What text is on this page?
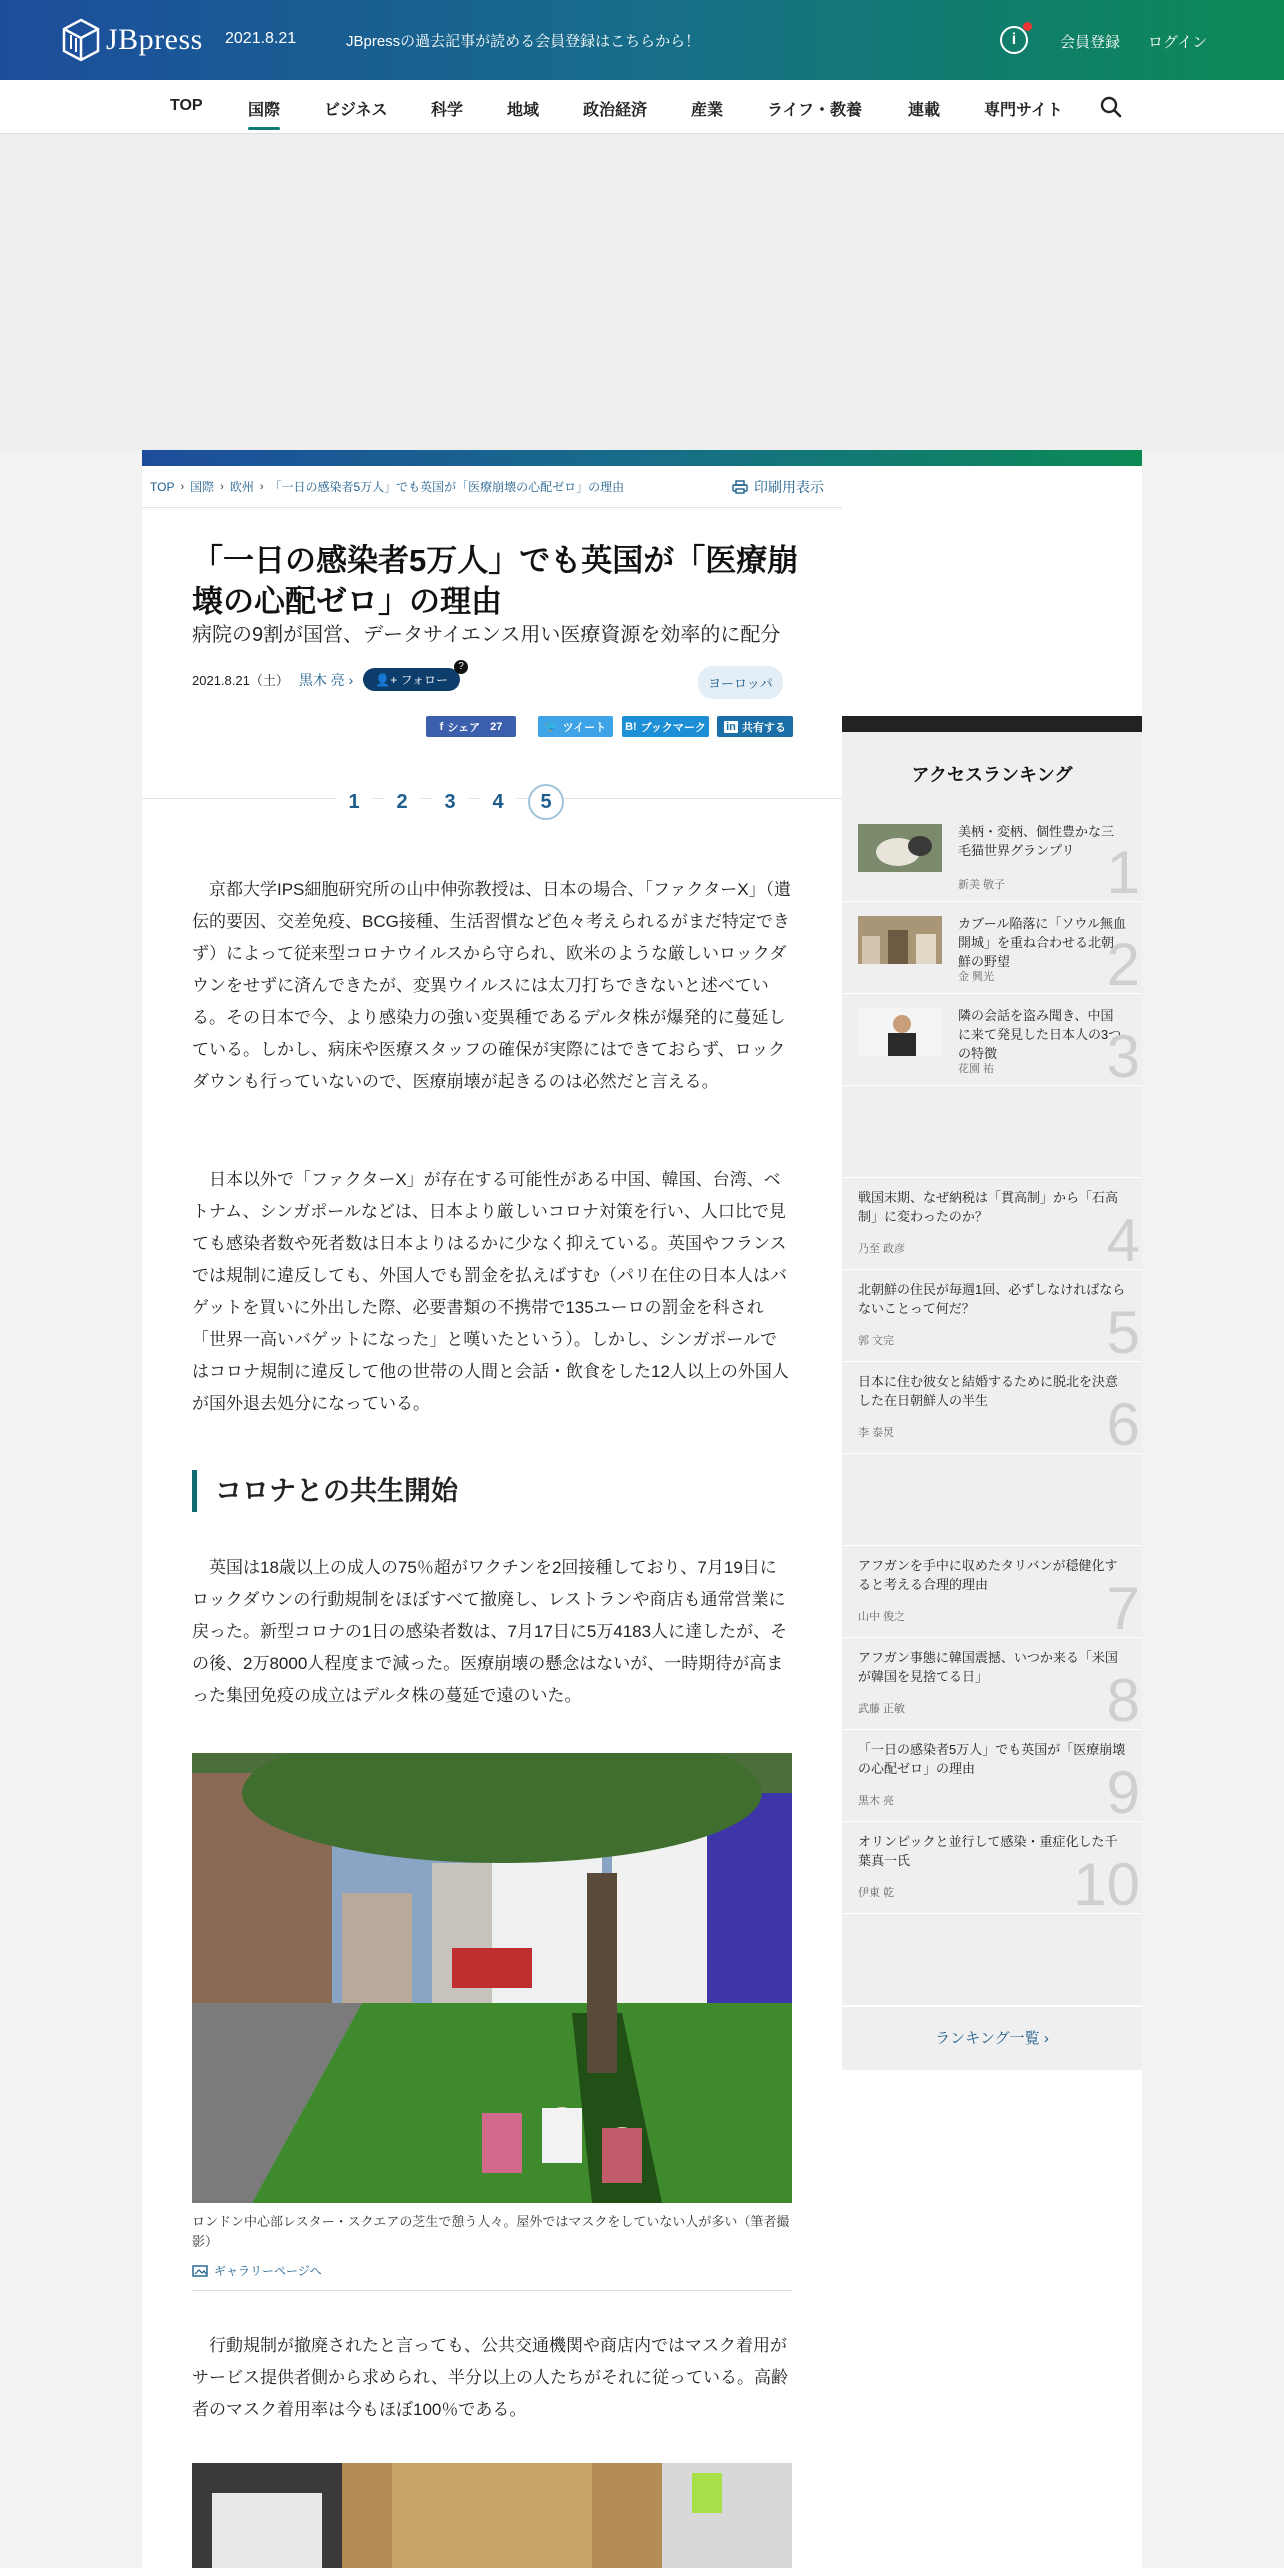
JBpress 2021.8.21	JBpressの過去記事が読める会員登録はこちらから！	i	会員登録 ログイン
TOP	国際	ビジネス	科学	地域	政治経済	産業	ライフ・教養	連載	専門サイト
TOP › 国際 › 欧州 › 「一日の感染者5万人」でも英国が「医療崩壊の心配ゼロ」の理由	印刷用表示
「一日の感染者5万人」でも英国が「医療崩壊の心配ゼロ」の理由
病院の9割が国営、データサイエンス用い医療資源を効率的に配分
2021.8.21（土） 黒木 亮 ›	👤+ フォロー
?
ヨーロッパ
f シェア 27	🐦 ツイート B! ブックマーク in 共有する
1	2	3	4	5

京都大学IPS細胞研究所の山中伸弥教授は、日本の場合、「ファクターX」（遺伝的要因、交差免疫、BCG接種、生活習慣など色々考えられるがまだ特定できず）によって従来型コロナウイルスから守られ、欧米のような厳しいロックダウンをせずに済んできたが、変異ウイルスには太刀打ちできないと述べている。その日本で今、より感染力の強い変異種であるデルタ株が爆発的に蔓延している。しかし、病床や医療スタッフの確保が実際にはできておらず、ロックダウンも行っていないので、医療崩壊が起きるのは必然だと言える。

日本以外で「ファクターX」が存在する可能性がある中国、韓国、台湾、ベトナム、シンガポールなどは、日本より厳しいコロナ対策を行い、人口比で見ても感染者数や死者数は日本よりはるかに少なく抑えている。英国やフランスでは規制に違反しても、外国人でも罰金を払えばすむ（パリ在住の日本人はバゲットを買いに外出した際、必要書類の不携帯で135ユーロの罰金を科され「世界一高いバゲットになった」と嘆いたという）。しかし、シンガポールではコロナ規制に違反して他の世帯の人間と会話・飲食をした12人以上の外国人が国外退去処分になっている。

コロナとの共生開始

英国は18歳以上の成人の75％超がワクチンを2回接種しており、7月19日にロックダウンの行動規制をほぼすべて撤廃し、レストランや商店も通常営業に戻った。新型コロナの1日の感染者数は、7月17日に5万4183人に達したが、その後、2万8000人程度まで減った。医療崩壊の懸念はないが、一時期待が高まった集団免疫の成立はデルタ株の蔓延で遠のいた。

ロンドン中心部レスター・スクエアの芝生で憩う人々。屋外ではマスクをしていない人が多い（筆者撮影）
ギャラリーページへ

行動規制が撤廃されたと言っても、公共交通機関や商店内ではマスク着用がサービス提供者側から求められ、半分以上の人たちがそれに従っている。高齢者のマスク着用率は今もほぼ100％である。

アクセスランキング
美柄・変柄、個性豊かな三毛猫世界グランプリ
新美 敬子 1
カブール陥落に「ソウル無血開城」を重ね合わせる北朝鮮の野望
金 興光 2
隣の会話を盗み聞き、中国に来て発見した日本人の3つの特徴
花園 祐 3
戦国末期、なぜ納税は「貫高制」から「石高制」に変わったのか？
乃至 政彦	4
北朝鮮の住民が毎週1回、必ずしなければならないことって何だ？
郭 文完	5
日本に住む彼女と結婚するために脱北を決意した在日朝鮮人の半生
李 泰炅	6
アフガンを手中に収めたタリバンが穏健化すると考える合理的理由
山中 俊之	7
アフガン事態に韓国震撼、いつか来る「米国が韓国を見捨てる日」
武藤 正敏	8
「一日の感染者5万人」でも英国が「医療崩壊の心配ゼロ」の理由
黒木 亮	9
オリンピックと並行して感染・重症化した千葉真一氏
伊東 乾	10
ランキング一覧 ›
